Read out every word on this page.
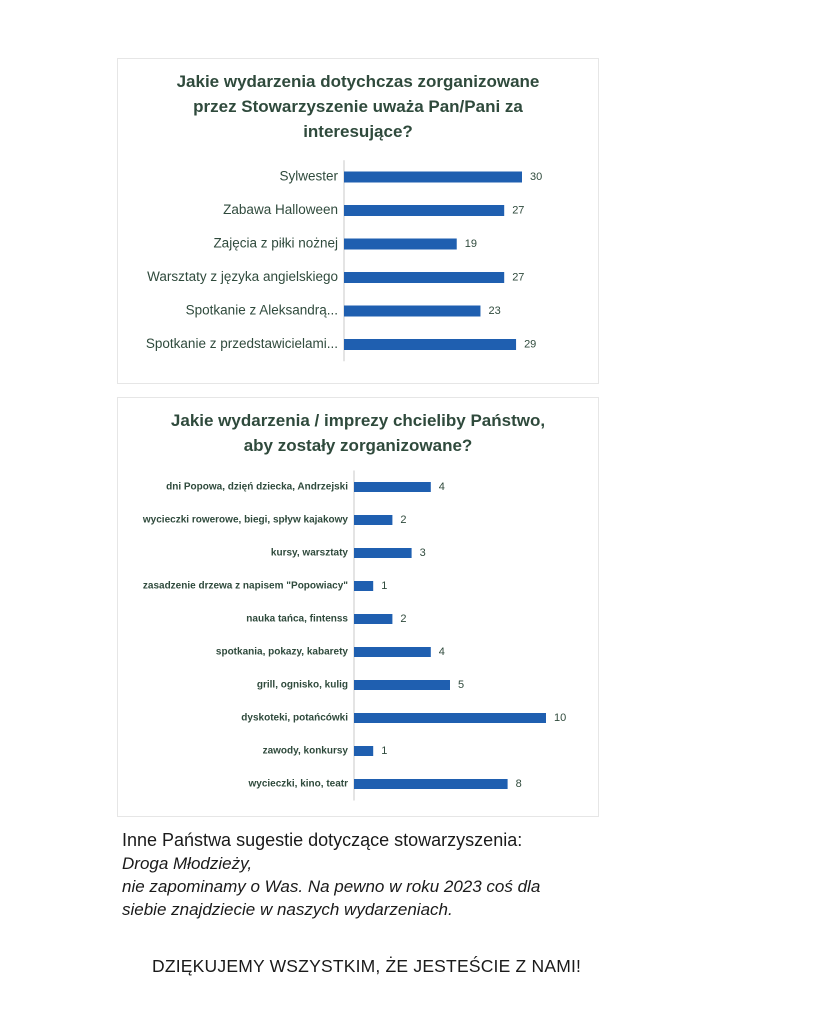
Jakie wydarzenia dotychczas zorganizowane
przez Stowarzyszenie uważa Pan/Pani za
interesujące?
Sylwester	30
Zabawa Halloween	27
Zajęcia z piłki nożnej	19
Warsztaty z języka angielskiego	27
Spotkanie z Aleksandrą...	23
Spotkanie z przedstawicielami...	29
Jakie wydarzenia / imprezy chcieliby Państwo,
aby zostały zorganizowane?
dni Popowa, dzięń dziecka, Andrzejski	4
wycieczki rowerowe, biegi, spływ kajakowy	2
kursy, warsztaty	3
zasadzenie drzewa z napisem "Popowiacy"	1
nauka tańca, fintenss	2
spotkania, pokazy, kabarety	4
grill, ognisko, kulig	5
dyskoteki, potańcówki	10
zawody, konkursy	1
wycieczki, kino, teatr	8

Inne Państwa sugestie dotyczące stowarzyszenia:

Droga Młodzieży,

nie zapominamy o Was. Na pewno w roku 2023 coś dla

siebie znajdziecie w naszych wydarzeniach.

DZIĘKUJEMY WSZYSTKIM, ŻE JESTEŚCIE Z NAMI!
